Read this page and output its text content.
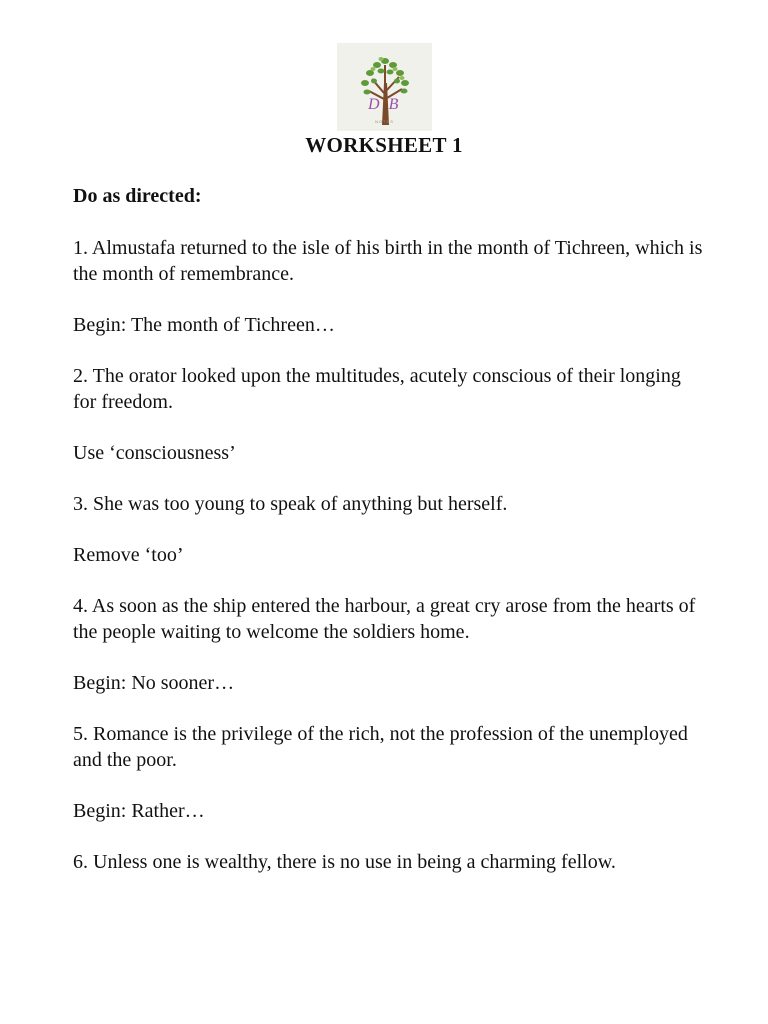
D B
NOTES
WORKSHEET 1
Do as directed:

1. Almustafa returned to the isle of his birth in the month of Tichreen, which is the month of remembrance.

Begin: The month of Tichreen…

2. The orator looked upon the multitudes, acutely conscious of their longing for freedom.

Use ‘consciousness’

3. She was too young to speak of anything but herself.

Remove ‘too’

4. As soon as the ship entered the harbour, a great cry arose from the hearts of the people waiting to welcome the soldiers home.

Begin: No sooner…

5. Romance is the privilege of the rich, not the profession of the unemployed and the poor.

Begin: Rather…

6. Unless one is wealthy, there is no use in being a charming fellow.
